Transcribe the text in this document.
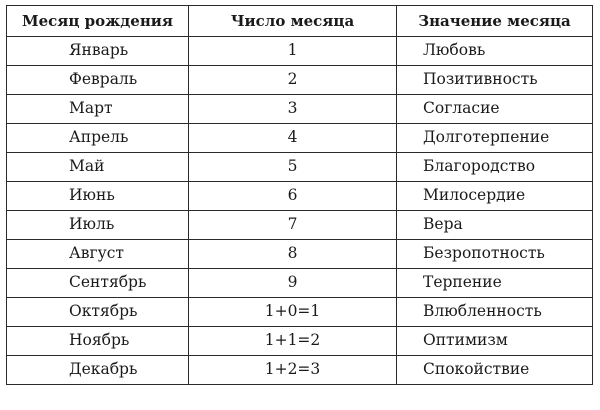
Месяц рождения	Число месяца	Значение месяца
Январь	1	Любовь
Февраль	2	Позитивность
Март	3	Согласие
Апрель	4	Долготерпение
Май	5	Благородство
Июнь	6	Милосердие
Июль	7	Вера
Август	8	Безропотность
Сентябрь	9	Терпение
Октябрь	1+0=1	Влюбленность
Ноябрь	1+1=2	Оптимизм
Декабрь	1+2=3	Спокойствие
